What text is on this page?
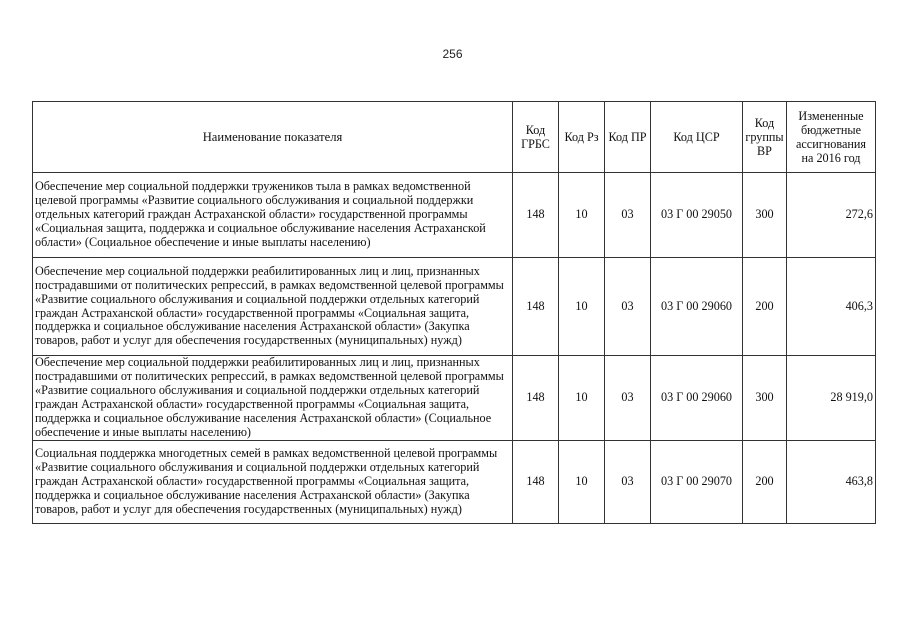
256
Наименование показателя	Код ГРБС	Код Рз	Код ПР	Код ЦСР	Код группы ВР	Измененные бюджетные ассигнования на 2016 год
Обеспечение мер социальной поддержки тружеников тыла в рамках ведомственной целевой программы «Развитие социального обслуживания и социальной поддержки отдельных категорий граждан Астраханской области» государственной программы «Социальная защита, поддержка и социальное обслуживание населения Астраханской области» (Социальное обеспечение и иные выплаты населению)	148	10	03	03 Г 00 29050	300	272,6
Обеспечение мер социальной поддержки реабилитированных лиц и лиц, признанных пострадавшими от политических репрессий, в рамках ведомственной целевой программы «Развитие социального обслуживания и социальной поддержки отдельных категорий граждан Астраханской области» государственной программы «Социальная защита, поддержка и социальное обслуживание населения Астраханской области» (Закупка товаров, работ и услуг для обеспечения государственных (муниципальных) нужд)	148	10	03	03 Г 00 29060	200	406,3
Обеспечение мер социальной поддержки реабилитированных лиц и лиц, признанных пострадавшими от политических репрессий, в рамках ведомственной целевой программы «Развитие социального обслуживания и социальной поддержки отдельных категорий граждан Астраханской области» государственной программы «Социальная защита, поддержка и социальное обслуживание населения Астраханской области» (Социальное обеспечение и иные выплаты населению)	148	10	03	03 Г 00 29060	300	28 919,0
Социальная поддержка многодетных семей в рамках ведомственной целевой программы «Развитие социального обслуживания и социальной поддержки отдельных категорий граждан Астраханской области» государственной программы «Социальная защита, поддержка и социальное обслуживание населения Астраханской области» (Закупка товаров, работ и услуг для обеспечения государственных (муниципальных) нужд)	148	10	03	03 Г 00 29070	200	463,8
